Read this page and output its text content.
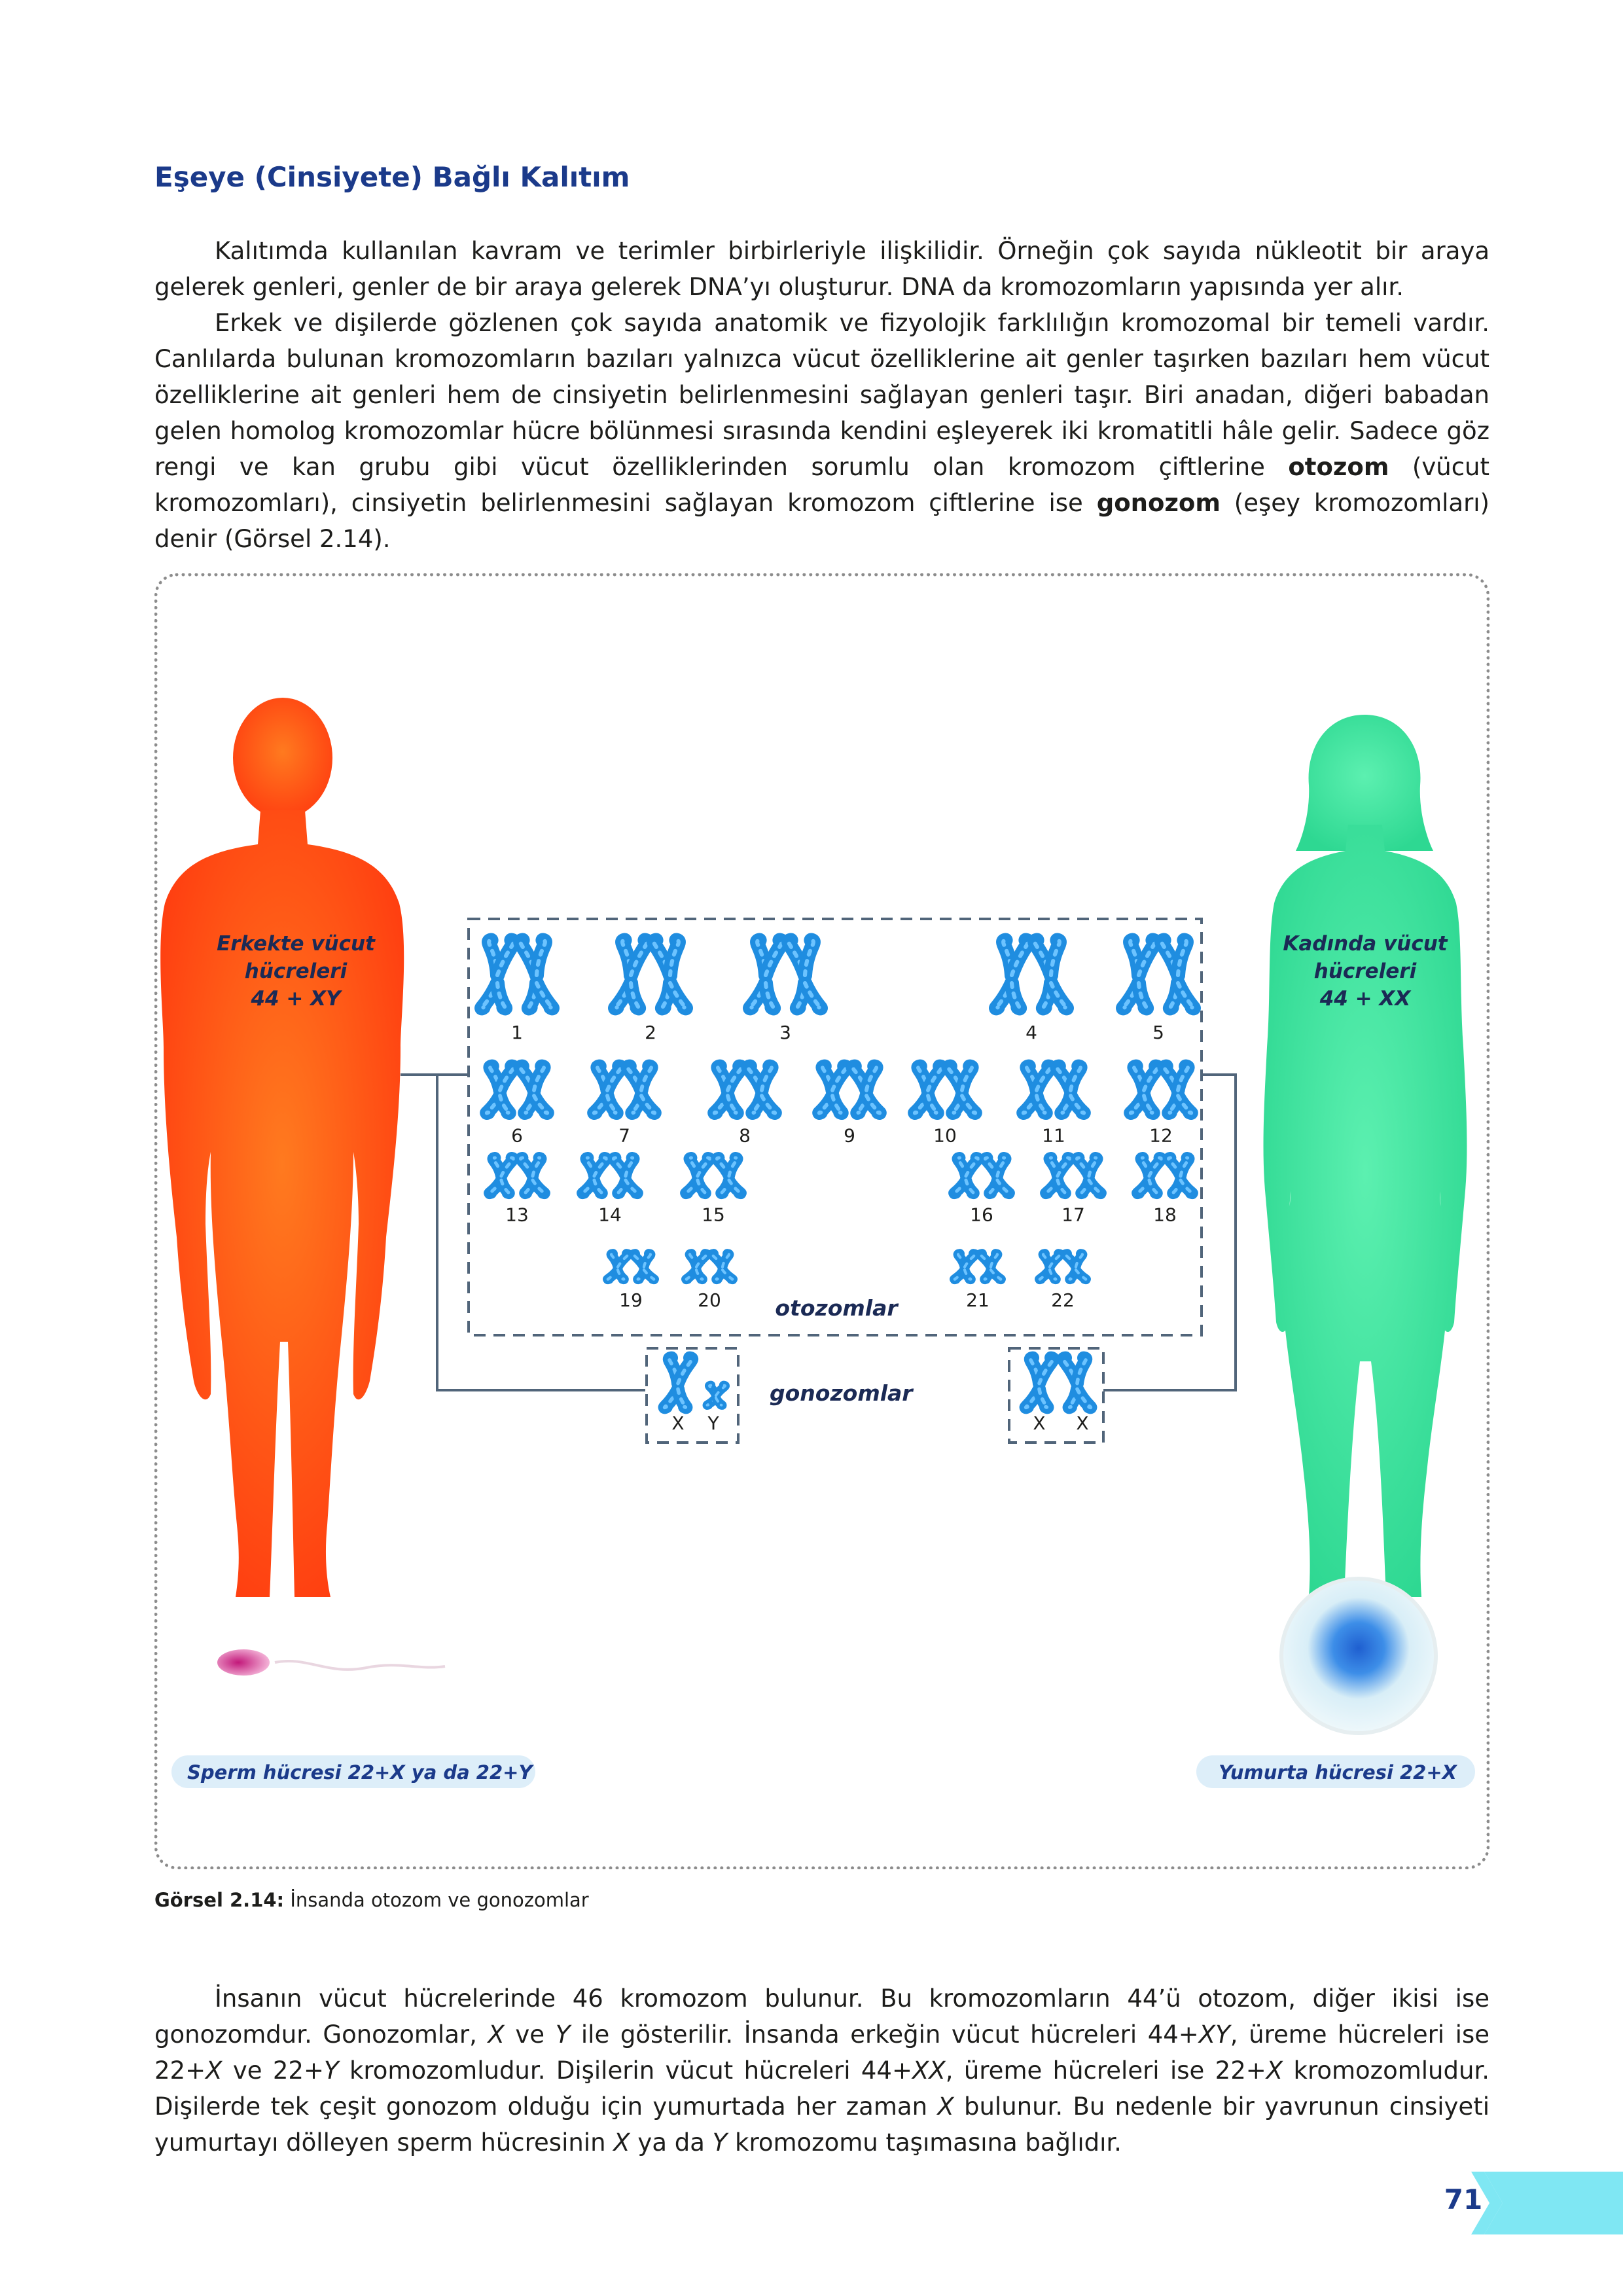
Eşeye (Cinsiyete) Bağlı Kalıtım

Kalıtımda kullanılan kavram ve terimler birbirleriyle ilişkilidir. Örneğin çok sayıda nükleotit bir araya gelerek genleri, genler de bir araya gelerek DNA’yı oluşturur. DNA da kromozomların yapısında yer alır.

Erkek ve dişilerde gözlenen çok sayıda anatomik ve fizyolojik farklılığın kromozomal bir temeli vardır. Canlılarda bulunan kromozomların bazıları yalnızca vücut özelliklerine ait genler taşırken bazıları hem vücut özelliklerine ait genleri hem de cinsiyetin belirlenmesini sağlayan genleri taşır. Biri anadan, diğeri babadan gelen homolog kromozomlar hücre bölünmesi sırasında kendini eşleyerek iki kromatitli hâle gelir. Sadece göz rengi ve kan grubu gibi vücut özelliklerinden sorumlu olan kromozom çiftlerine otozom (vücut kromozomları), cinsiyetin belirlenmesini sağlayan kromozom çiftlerine ise gonozom (eşey kromozomları) denir (Görsel 2.14).

Erkekte vücut
hücreleri
44 + XY
Kadında vücut
hücreleri
44 + XX
1	2	3	4	5
6	7	8	9	10	11	12
13	14	15	16	17	18
19	20	21	22
X Y	X X
otozomlar
gonozomlar
Sperm hücresi 22+X ya da 22+Y	Yumurta hücresi 22+X

Görsel 2.14: İnsanda otozom ve gonozomlar

İnsanın vücut hücrelerinde 46 kromozom bulunur. Bu kromozomların 44’ü otozom, diğer ikisi ise gonozomdur. Gonozomlar, X ve Y ile gösterilir. İnsanda erkeğin vücut hücreleri 44+XY, üreme hücreleri ise 22+X ve 22+Y kromozomludur. Dişilerin vücut hücreleri 44+XX, üreme hücreleri ise 22+X kromozomludur. Dişilerde tek çeşit gonozom olduğu için yumurtada her zaman X bulunur. Bu nedenle bir yavrunun cinsiyeti yumurtayı dölleyen sperm hücresinin X ya da Y kromozomu taşımasına bağlıdır.

71
